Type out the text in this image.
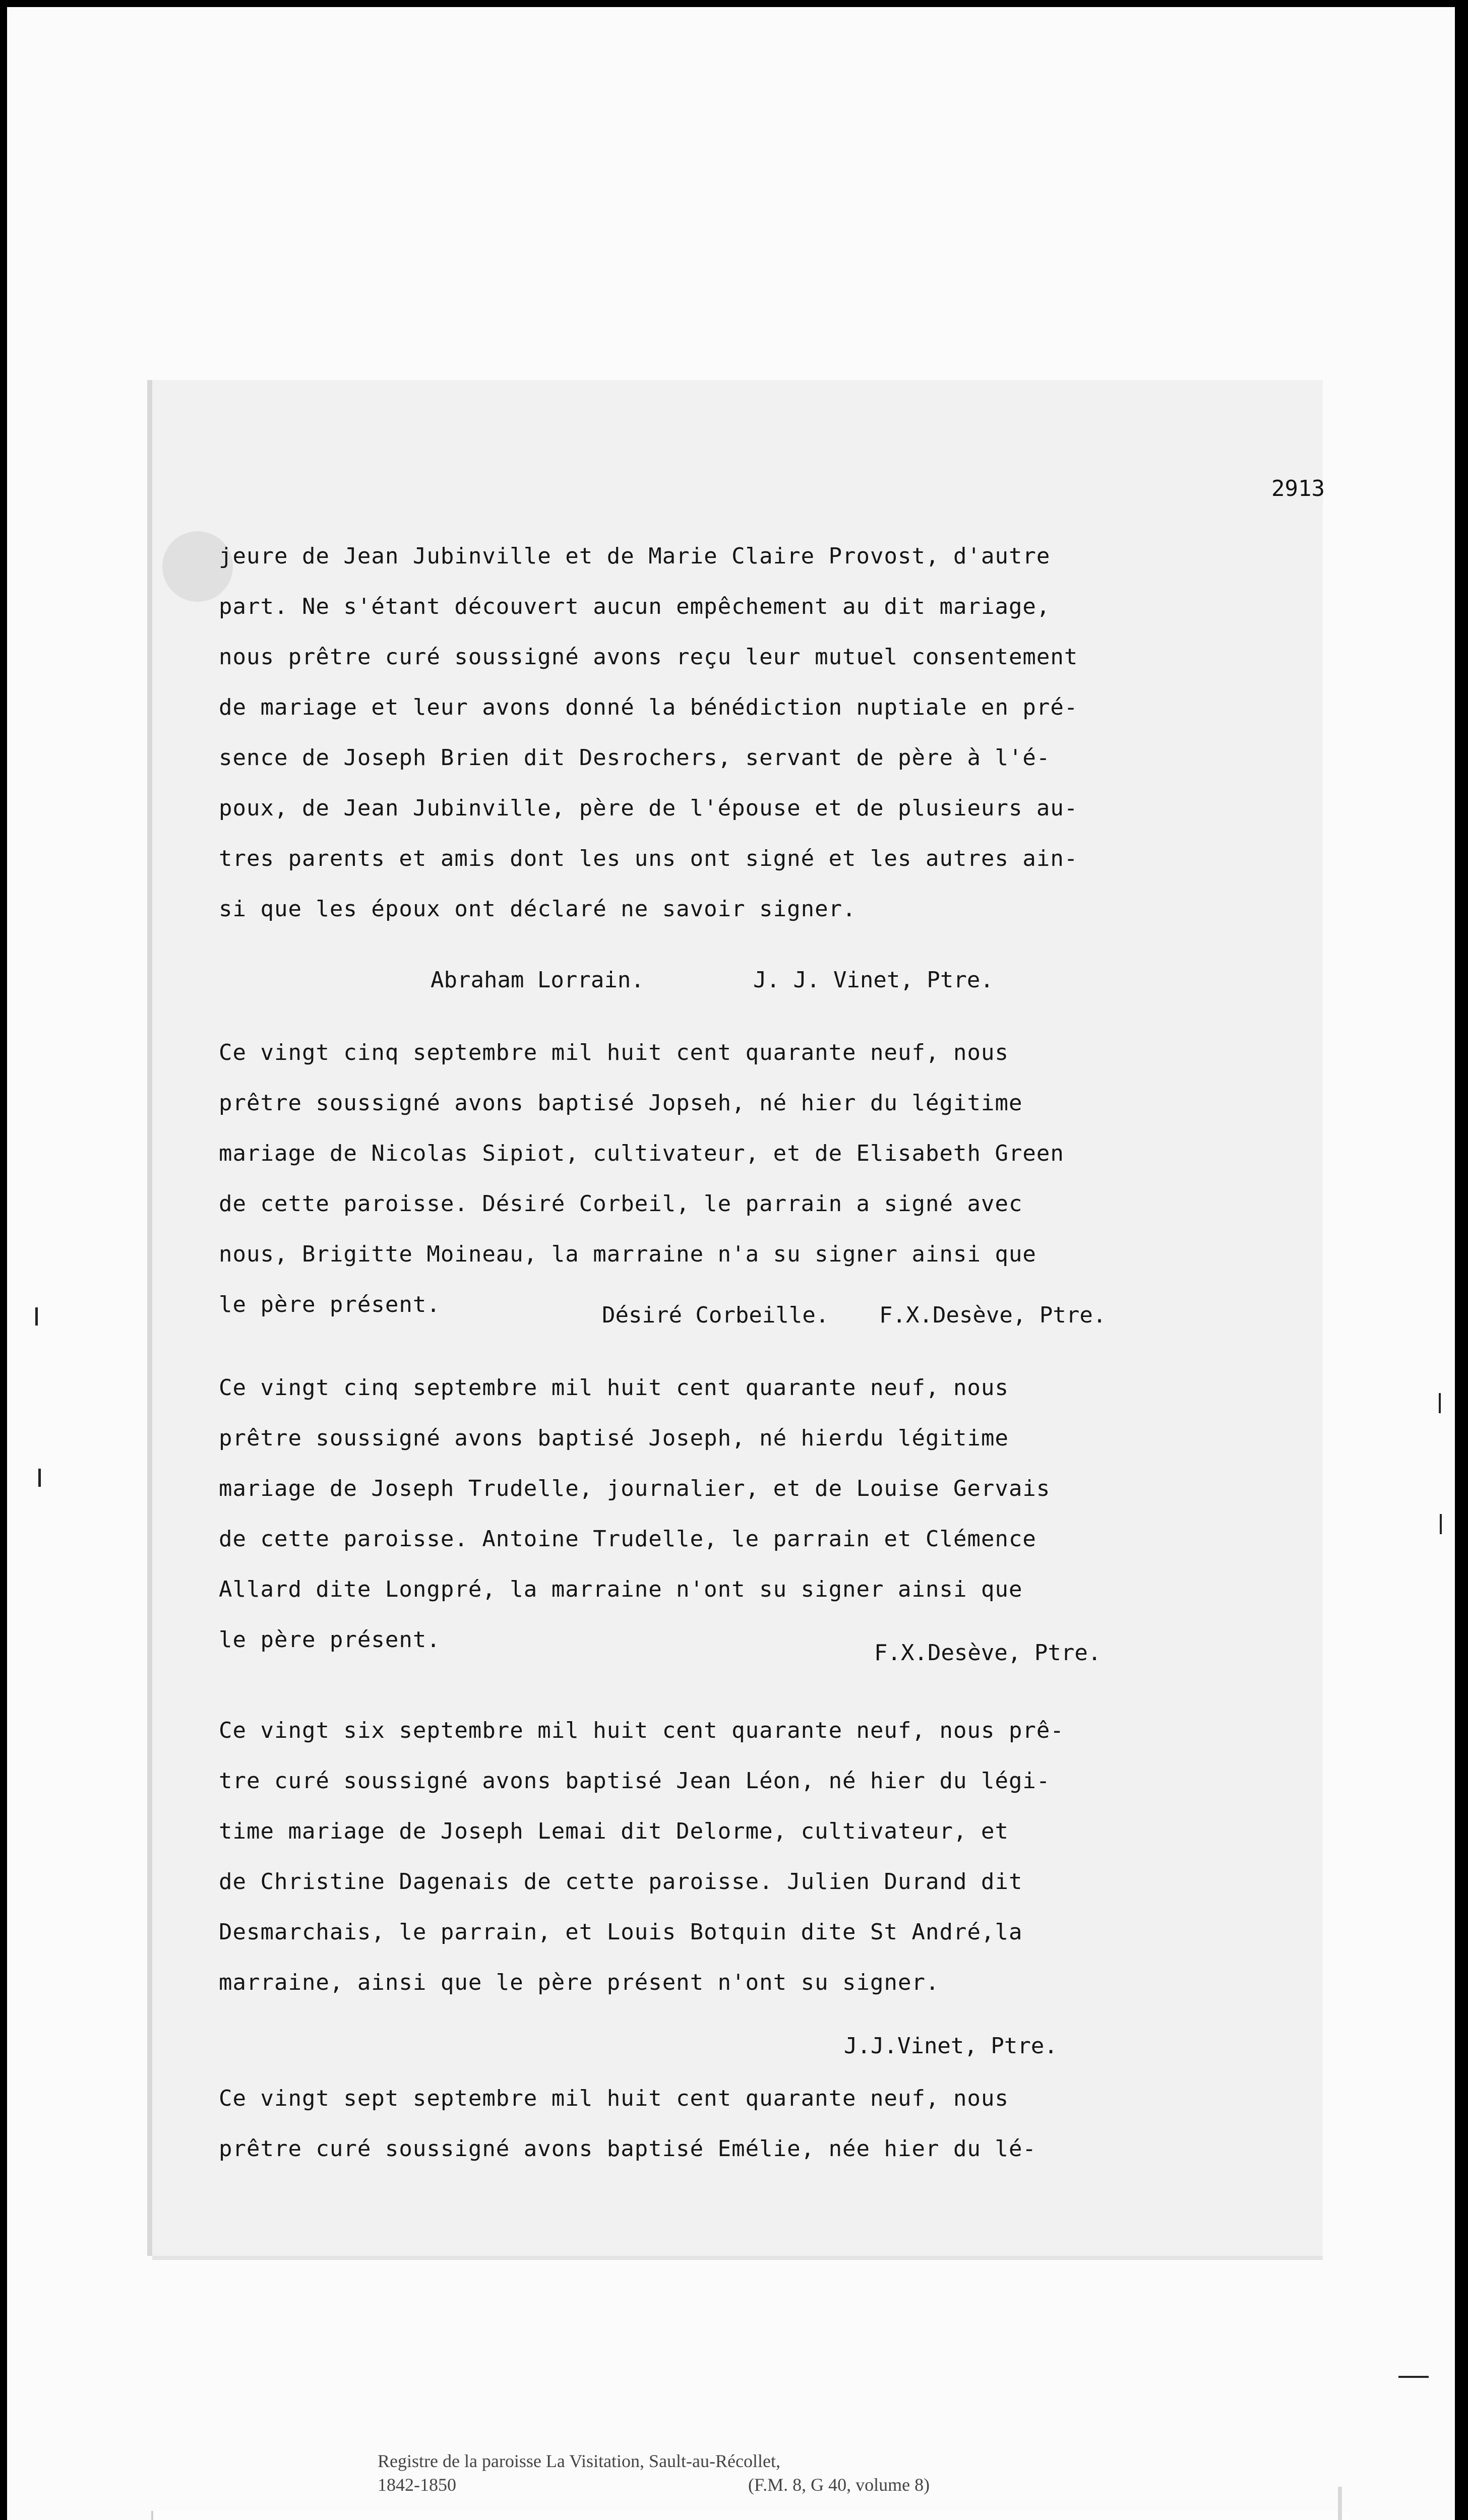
2913
jeure de Jean Jubinville et de Marie Claire Provost, d'autre
part. Ne s'étant découvert aucun empêchement au dit mariage,
nous prêtre curé soussigné avons reçu leur mutuel consentement
de mariage et leur avons donné la bénédiction nuptiale en pré-
sence de Joseph Brien dit Desrochers, servant de père à l'é-
poux, de Jean Jubinville, père de l'épouse et de plusieurs au-
tres parents et amis dont les uns ont signé et les autres ain-
si que les époux ont déclaré ne savoir signer.
Abraham Lorrain.	J. J. Vinet, Ptre.
Ce vingt cinq septembre mil huit cent quarante neuf, nous
prêtre soussigné avons baptisé Jopseh, né hier du légitime
mariage de Nicolas Sipiot, cultivateur, et de Elisabeth Green
de cette paroisse. Désiré Corbeil, le parrain a signé avec
nous, Brigitte Moineau, la marraine n'a su signer ainsi que
le père présent.	Désiré Corbeille. F.X.Desève, Ptre.
Ce vingt cinq septembre mil huit cent quarante neuf, nous
prêtre soussigné avons baptisé Joseph, né hierdu légitime
mariage de Joseph Trudelle, journalier, et de Louise Gervais
de cette paroisse. Antoine Trudelle, le parrain et Clémence
Allard dite Longpré, la marraine n'ont su signer ainsi que
le père présent.
F.X.Desève, Ptre.
Ce vingt six septembre mil huit cent quarante neuf, nous prê-
tre curé soussigné avons baptisé Jean Léon, né hier du légi-
time mariage de Joseph Lemai dit Delorme, cultivateur, et
de Christine Dagenais de cette paroisse. Julien Durand dit
Desmarchais, le parrain, et Louis Botquin dite St André,la
marraine, ainsi que le père présent n'ont su signer.
J.J.Vinet, Ptre.
Ce vingt sept septembre mil huit cent quarante neuf, nous
prêtre curé soussigné avons baptisé Emélie, née hier du lé-
Registre de la paroisse La Visitation, Sault-au-Récollet,
1842-1850	(F.M. 8, G 40, volume 8)
